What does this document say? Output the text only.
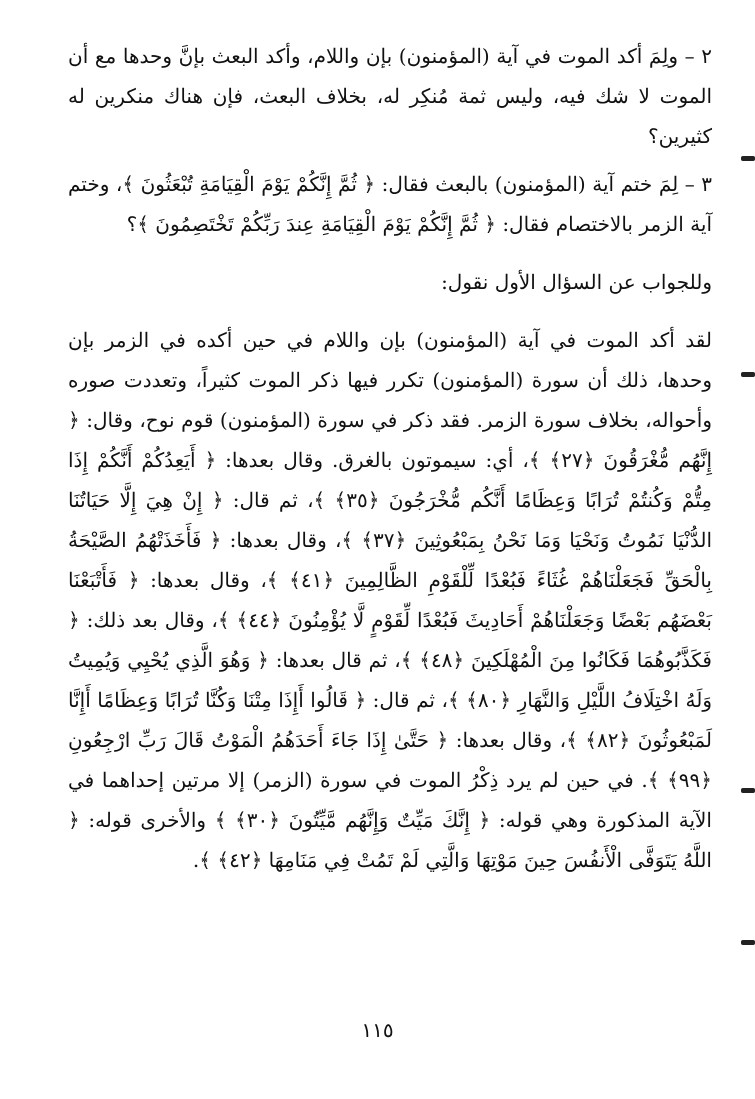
٢ – ولِمَ أكد الموت في آية (المؤمنون) بإن واللام، وأكد البعث بإنَّ وحدها مع أن الموت لا شك فيه، وليس ثمة مُنكِر له، بخلاف البعث، فإن هناك منكرين له كثيرين؟

٣ – لِمَ ختم آية (المؤمنون) بالبعث فقال: ﴿ ثُمَّ إِنَّكُمْ يَوْمَ الْقِيَامَةِ تُبْعَثُونَ ﴾، وختم آية الزمر بالاختصام فقال: ﴿ ثُمَّ إِنَّكُمْ يَوْمَ الْقِيَامَةِ عِندَ رَبِّكُمْ تَخْتَصِمُونَ ﴾؟

وللجواب عن السؤال الأول نقول:

لقد أكد الموت في آية (المؤمنون) بإن واللام في حين أكده في الزمر بإن وحدها، ذلك أن سورة (المؤمنون) تكرر فيها ذكر الموت كثيراً، وتعددت صوره وأحواله، بخلاف سورة الزمر. فقد ذكر في سورة (المؤمنون) قوم نوح، وقال: ﴿ إِنَّهُم مُّغْرَقُونَ ﴿٢٧﴾ ﴾، أي: سيموتون بالغرق. وقال بعدها: ﴿ أَيَعِدُكُمْ أَنَّكُمْ إِذَا مِتُّمْ وَكُنتُمْ تُرَابًا وَعِظَامًا أَنَّكُم مُّخْرَجُونَ ﴿٣٥﴾ ﴾، ثم قال: ﴿ إِنْ هِيَ إِلَّا حَيَاتُنَا الدُّنْيَا نَمُوتُ وَنَحْيَا وَمَا نَحْنُ بِمَبْعُوثِينَ ﴿٣٧﴾ ﴾، وقال بعدها: ﴿ فَأَخَذَتْهُمُ الصَّيْحَةُ بِالْحَقِّ فَجَعَلْنَاهُمْ غُثَاءً فَبُعْدًا لِّلْقَوْمِ الظَّالِمِينَ ﴿٤١﴾ ﴾، وقال بعدها: ﴿ فَأَتْبَعْنَا بَعْضَهُم بَعْضًا وَجَعَلْنَاهُمْ أَحَادِيثَ فَبُعْدًا لِّقَوْمٍ لَّا يُؤْمِنُونَ ﴿٤٤﴾ ﴾، وقال بعد ذلك: ﴿ فَكَذَّبُوهُمَا فَكَانُوا مِنَ الْمُهْلَكِينَ ﴿٤٨﴾ ﴾، ثم قال بعدها: ﴿ وَهُوَ الَّذِي يُحْيِي وَيُمِيتُ وَلَهُ اخْتِلَافُ اللَّيْلِ وَالنَّهَارِ ﴿٨٠﴾ ﴾، ثم قال: ﴿ قَالُوا أَإِذَا مِتْنَا وَكُنَّا تُرَابًا وَعِظَامًا أَإِنَّا لَمَبْعُوثُونَ ﴿٨٢﴾ ﴾، وقال بعدها: ﴿ حَتَّىٰ إِذَا جَاءَ أَحَدَهُمُ الْمَوْتُ قَالَ رَبِّ ارْجِعُونِ ﴿٩٩﴾ ﴾. في حين لم يرد ذِكْرُ الموت في سورة (الزمر) إلا مرتين إحداهما في الآية المذكورة وهي قوله: ﴿ إِنَّكَ مَيِّتٌ وَإِنَّهُم مَّيِّتُونَ ﴿٣٠﴾ ﴾ والأخرى قوله: ﴿ اللَّهُ يَتَوَفَّى الْأَنفُسَ حِينَ مَوْتِهَا وَالَّتِي لَمْ تَمُتْ فِي مَنَامِهَا ﴿٤٢﴾ ﴾.

١١٥
